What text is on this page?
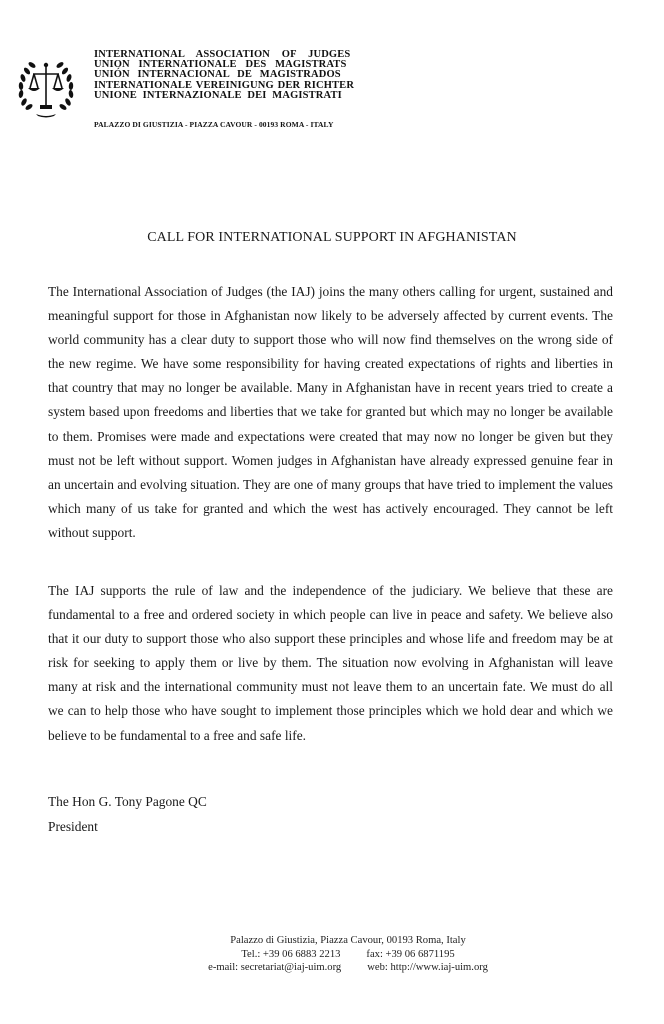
INTERNATIONAL ASSOCIATION OF JUDGES
UNION INTERNATIONALE DES MAGISTRATS
UNIÓN INTERNACIONAL DE MAGISTRADOS
INTERNATIONALE VEREINIGUNG DER RICHTER
UNIONE INTERNAZIONALE DEI MAGISTRATI
PALAZZO DI GIUSTIZIA - PIAZZA CAVOUR - 00193 ROMA - ITALY
CALL FOR INTERNATIONAL SUPPORT IN AFGHANISTAN

The International Association of Judges (the IAJ) joins the many others calling for urgent, sustained and meaningful support for those in Afghanistan now likely to be adversely affected by current events. The world community has a clear duty to support those who will now find themselves on the wrong side of the new regime. We have some responsibility for having created expectations of rights and liberties in that country that may no longer be available. Many in Afghanistan have in recent years tried to create a system based upon freedoms and liberties that we take for granted but which may no longer be available to them. Promises were made and expectations were created that may now no longer be given but they must not be left without support. Women judges in Afghanistan have already expressed genuine fear in an uncertain and evolving situation. They are one of many groups that have tried to implement the values which many of us take for granted and which the west has actively encouraged. They cannot be left without support.

The IAJ supports the rule of law and the independence of the judiciary. We believe that these are fundamental to a free and ordered society in which people can live in peace and safety. We believe also that it our duty to support those who also support these principles and whose life and freedom may be at risk for seeking to apply them or live by them. The situation now evolving in Afghanistan will leave many at risk and the international community must not leave them to an uncertain fate. We must do all we can to help those who have sought to implement those principles which we hold dear and which we believe to be fundamental to a free and safe life.

The Hon G. Tony Pagone QC
President
Palazzo di Giustizia, Piazza Cavour, 00193 Roma, Italy
Tel.: +39 06 6883 2213 fax: +39 06 6871195
e-mail: secretariat@iaj-uim.org web: http://www.iaj-uim.org
